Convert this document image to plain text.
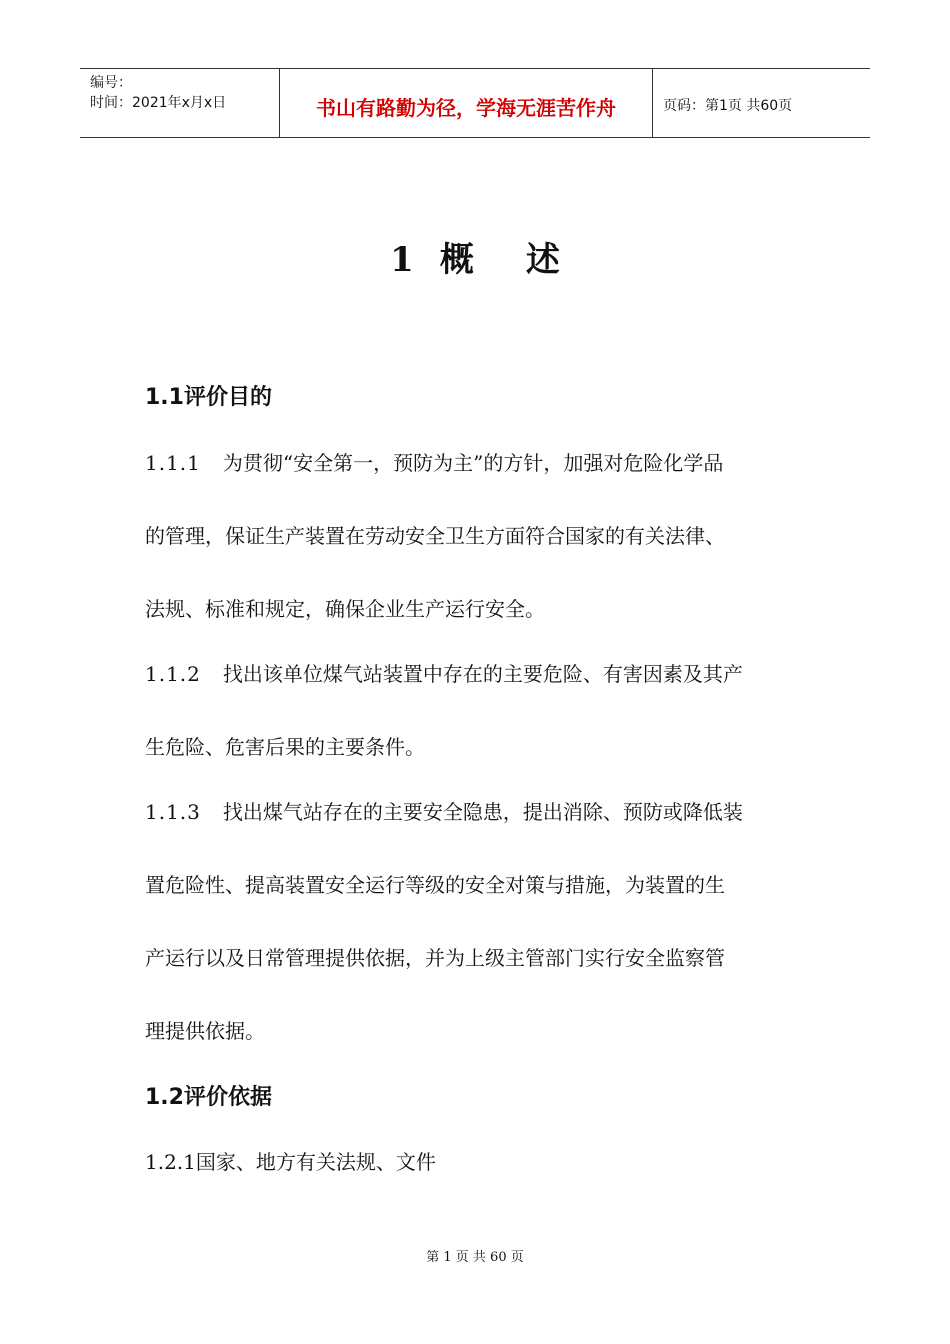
编号：
时间：2021年x月x日	书山有路勤为径，学海无涯苦作舟	页码：第1页 共60页
1 概 述
1.1评价目的
1.1.1 为贯彻“安全第一，预防为主”的方针，加强对危险化学品
的管理，保证生产装置在劳动安全卫生方面符合国家的有关法律、
法规、标准和规定，确保企业生产运行安全。
1.1.2 找出该单位煤气站装置中存在的主要危险、有害因素及其产
生危险、危害后果的主要条件。
1.1.3 找出煤气站存在的主要安全隐患，提出消除、预防或降低装
置危险性、提高装置安全运行等级的安全对策与措施，为装置的生
产运行以及日常管理提供依据，并为上级主管部门实行安全监察管
理提供依据。
1.2评价依据
1.2.1国家、地方有关法规、文件
第 1 页 共 60 页
